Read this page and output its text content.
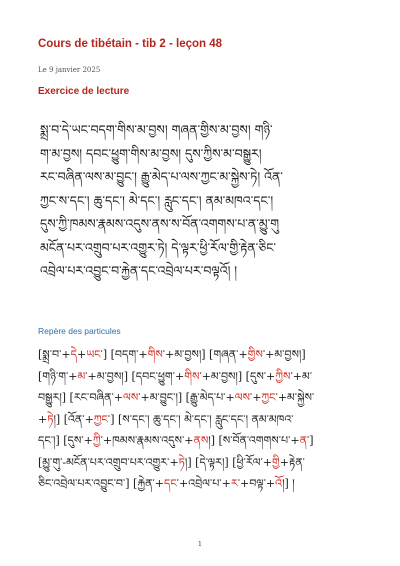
Cours de tibétain - tib 2 - leçon 48
Le 9 janvier 2025
Exercice de lecture
སྨྲ་བ་དེ་ཡང་བདག་གིས་མ་བྱས། གཞན་གྱིས་མ་བྱས། གཉི་
ག་མ་བྱས། དབང་ཕྱུག་གིས་མ་བྱས། དུས་ཀྱིས་མ་བསྒྱུར།
རང་བཞིན་ལས་མ་བྱུང་། རྒྱུ་མེད་པ་ལས་ཀྱང་མ་སྐྱེས་ཏེ། འོན་
ཀྱང་ས་དང་། ཆུ་དང་། མེ་དང་། རླུང་དང་། ནམ་མཁའ་དང་།
དུས་ཀྱི་ཁམས་རྣམས་འདུས་ནས་ས་བོན་འགགས་པ་ན་མྱུ་གུ
མངོན་པར་འགྲུབ་པར་འགྱུར་ཏེ། དེ་ལྟར་ཕྱི་རོལ་གྱི་རྟེན་ཅིང་
འབྲེལ་པར་འབྱུང་བ་རྐྱེན་དང་འབྲེལ་པར་བལྟའོ། །
Repère des particules
[སྨྲ་བ་+དེ+ཡང་] [བདག་+གིས་+མ་བྱས།] [གཞན་+གྱིས་+མ་བྱས།]
[གཉི་ག་+མ་+མ་བྱས།] [དབང་ཕྱུག་+གིས་+མ་བྱས།] [དུས་+ཀྱིས་+མ་
བསྒྱུར།] [རང་བཞིན་+ལས་+མ་བྱུང་།] [རྒྱུ་མེད་པ་+ལས་+ཀྱང་+མ་སྐྱེས་
+ཏེ།] [འོན་+ཀྱང་] [ས་དང་། ཆུ་དང་། མེ་དང་། རླུང་དང་། ནམ་མཁའ་
དང་།] [དུས་+ཀྱི་+ཁམས་རྣམས་འདུས་+ནས།] [ས་བོན་འགགས་པ་+ན་]
[མྱུ་གུ་-མངོན་པར་འགྲུབ་པར་འགྱུར་+ཏེ།] [དེ་ལྟར།] [ཕྱི་རོལ་+གྱི+རྟེན་
ཅིང་འབྲེལ་པར་འབྱུང་བ་] [རྐྱེན་+དང་+འབྲེལ་པ་+ར་+བལྟ་+འོ།] །
1
